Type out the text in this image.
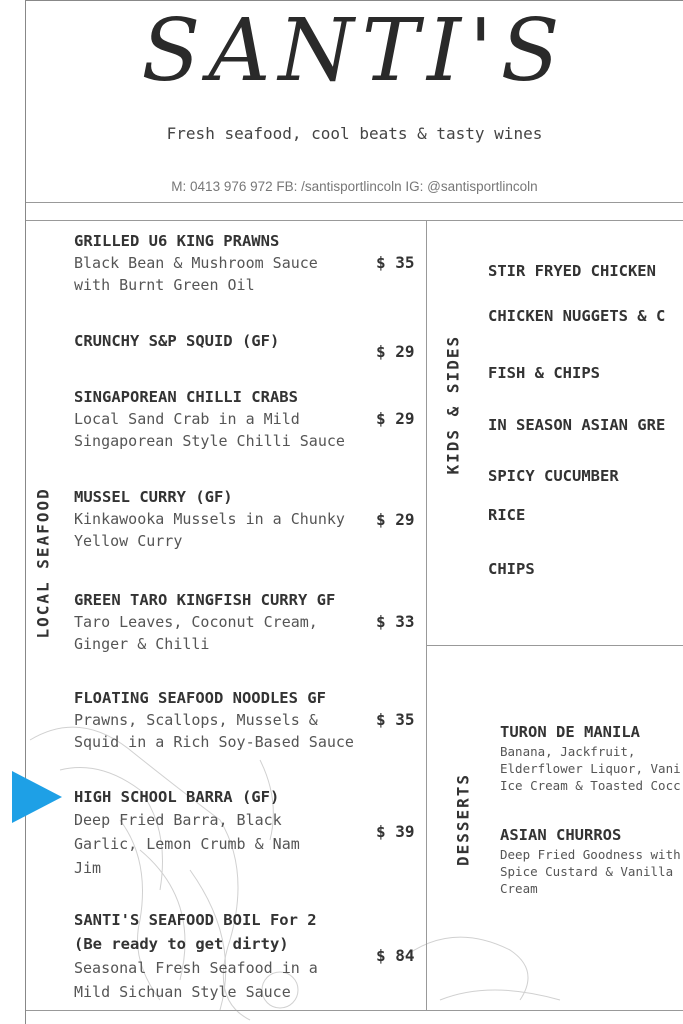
SANTI'S
Fresh seafood, cool beats & tasty wines
M: 0413 976 972 FB: /santisportlincoln IG: @santisportlincoln
LOCAL SEAFOOD
KIDS & SIDES
DESSERTS
GRILLED U6 KING PRAWNS
Black Bean & Mushroom Sauce
with Burnt Green Oil
$ 35
CRUNCHY S&P SQUID (GF)
$ 29
SINGAPOREAN CHILLI CRABS
Local Sand Crab in a Mild
Singaporean Style Chilli Sauce
$ 29
MUSSEL CURRY (GF)
Kinkawooka Mussels in a Chunky
Yellow Curry
$ 29
GREEN TARO KINGFISH CURRY GF
Taro Leaves, Coconut Cream,
Ginger & Chilli
$ 33
FLOATING SEAFOOD NOODLES GF
Prawns, Scallops, Mussels &
Squid in a Rich Soy-Based Sauce
$ 35
HIGH SCHOOL BARRA (GF)
Deep Fried Barra, Black
Garlic, Lemon Crumb & Nam
Jim
$ 39
SANTI'S SEAFOOD BOIL For 2
(Be ready to get dirty)
Seasonal Fresh Seafood in a
Mild Sichuan Style Sauce
$ 84
STIR FRYED CHICKEN
CHICKEN NUGGETS & C
FISH & CHIPS
IN SEASON ASIAN GRE
SPICY CUCUMBER
RICE
CHIPS
TURON DE MANILA
Banana, Jackfruit,
Elderflower Liquor, Vani
Ice Cream & Toasted Cocc
ASIAN CHURROS
Deep Fried Goodness with
Spice Custard & Vanilla
Cream
